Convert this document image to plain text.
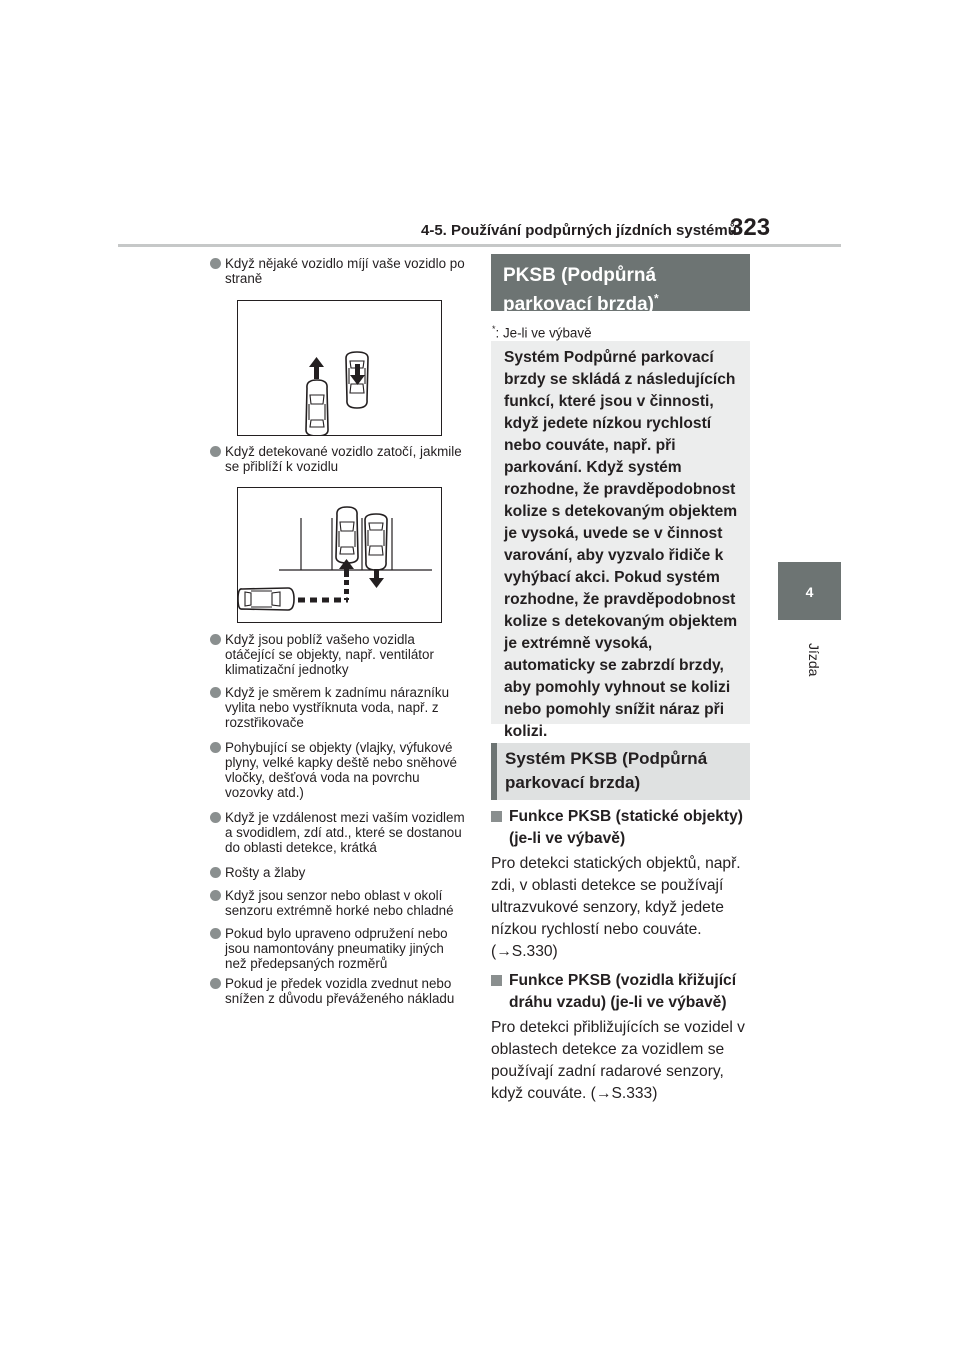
4-5. Používání podpůrných jízdních systémů
323
4
Jízda
Když nějaké vozidlo míjí vaše vozidlo po straně
Když detekované vozidlo zatočí, jakmile se přiblíží k vozidlu
Když jsou poblíž vašeho vozidla otáčející se objekty, např. ventilátor klimatizační jednotky
Když je směrem k zadnímu nárazníku vylita nebo vystříknuta voda, např. z rozstřikovače
Pohybující se objekty (vlajky, výfukové plyny, velké kapky deště nebo sněhové vločky, dešťová voda na povrchu vozovky atd.)
Když je vzdálenost mezi vaším vozidlem a svodidlem, zdí atd., které se dostanou do oblasti detekce, krátká
Rošty a žlaby
Když jsou senzor nebo oblast v okolí senzoru extrémně horké nebo chladné
Pokud bylo upraveno odpružení nebo jsou namontovány pneumatiky jiných než předepsaných rozměrů
Pokud je předek vozidla zvednut nebo snížen z důvodu převáženého nákladu
PKSB (Podpůrná parkovací brzda)*
*: Je-li ve výbavě
Systém Podpůrné parkovací brzdy se skládá z následujících funkcí, které jsou v činnosti, když jedete nízkou rychlostí nebo couváte, např. při parkování. Když systém rozhodne, že pravděpodobnost kolize s detekovaným objektem je vysoká, uvede se v činnost varování, aby vyzvalo řidiče k vyhýbací akci. Pokud systém rozhodne, že pravděpodobnost kolize s detekovaným objektem je extrémně vysoká, automaticky se zabrzdí brzdy, aby pomohly vyhnout se kolizi nebo pomohly snížit náraz při kolizi.
Systém PKSB (Podpůrná parkovací brzda)
Funkce PKSB (statické objekty) (je-li ve výbavě)
Pro detekci statických objektů, např. zdi, v oblasti detekce se používají ultrazvukové senzory, když jedete nízkou rychlostí nebo couváte. (→S.330)
Funkce PKSB (vozidla křižující dráhu vzadu) (je-li ve výbavě)
Pro detekci přibližujících se vozidel v oblastech detekce za vozidlem se používají zadní radarové senzory, když couváte. (→S.333)
